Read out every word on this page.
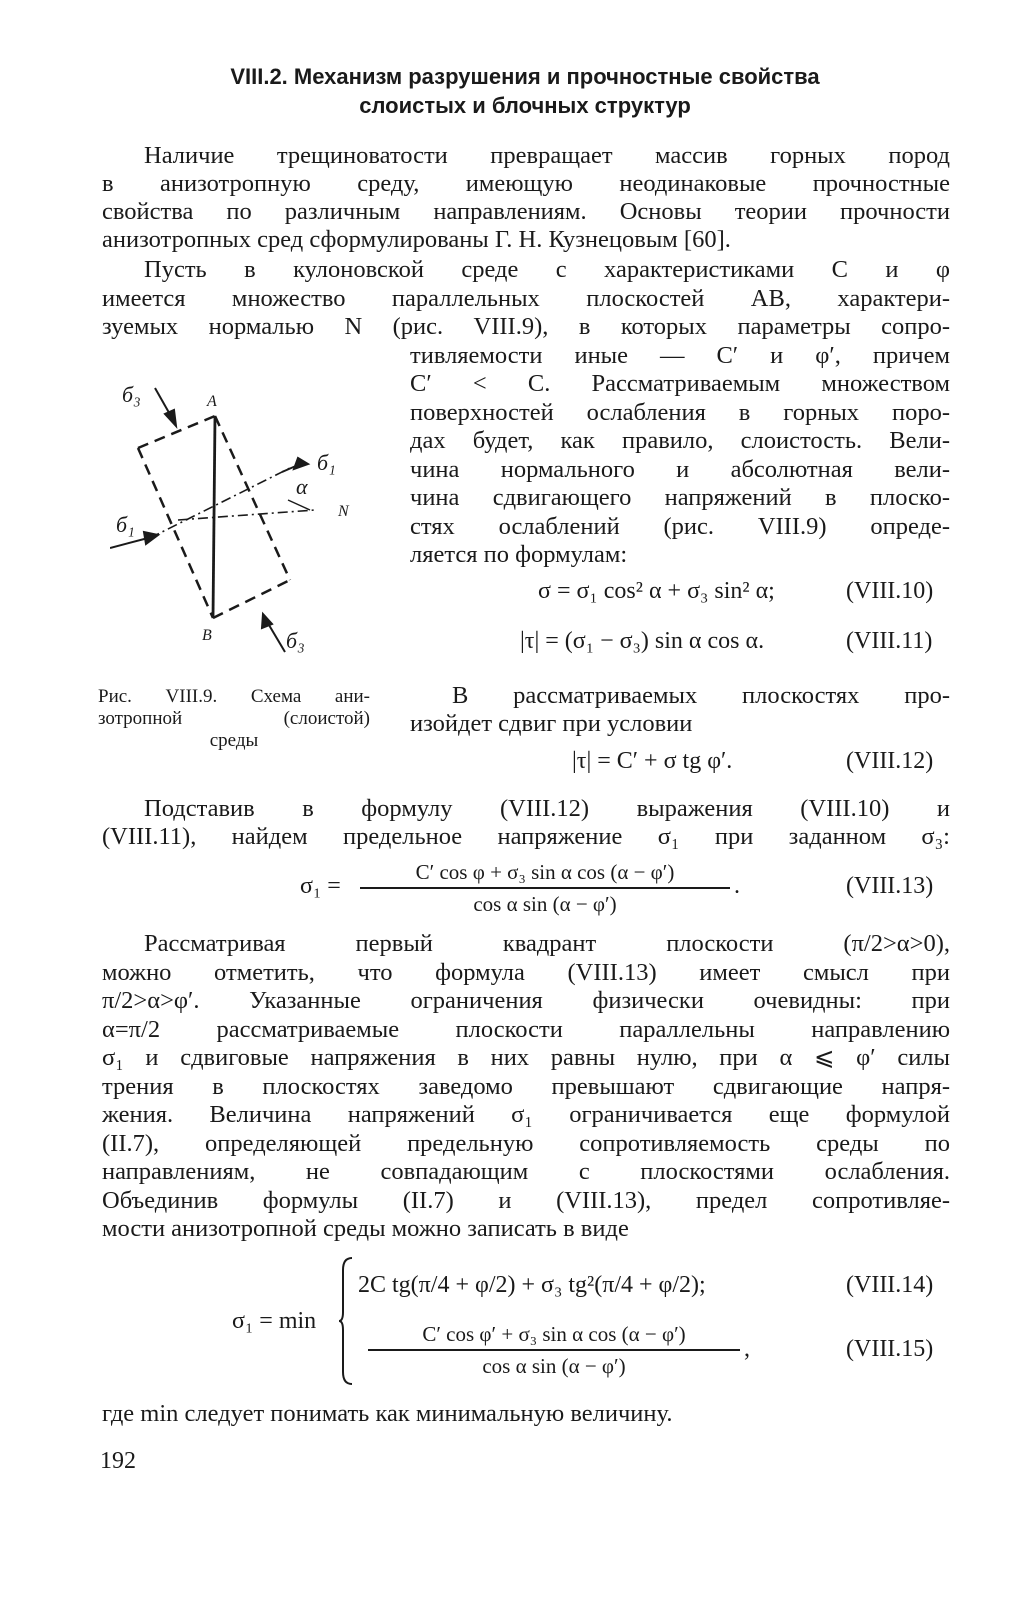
VIII.2. Механизм разрушения и прочностные свойства
слоистых и блочных структур
Наличие трещиноватости превращает массив горных пород
в анизотропную среду, имеющую неодинаковые прочностные
свойства по различным направлениям. Основы теории прочности
анизотропных сред сформулированы Г. Н. Кузнецовым [60].
Пусть в кулоновской среде с характеристиками C и φ
имеется множество параллельных плоскостей AB, характери-
зуемых нормалью N (рис. VIII.9), в которых параметры сопро-
тивляемости иные — C′ и φ′, причем
C′ < C. Рассматриваемым множеством
поверхностей ослабления в горных поро-
дах будет, как правило, слоистость. Вели-
чина нормального и абсолютная вели-
чина сдвигающего напряжений в плоско-
стях ослаблений (рис. VIII.9) опреде-
ляется по формулам:
б₃	A
б₁
α
N
б₁
B	б₃
Рис. VIII.9. Схема ани-
зотропной (слоистой)
среды
σ = σ₁ cos² α + σ₃ sin² α;	(VIII.10)
|τ| = (σ₁ − σ₃) sin α cos α.	(VIII.11)
В рассматриваемых плоскостях про-
изойдет сдвиг при условии
|τ| = C′ + σ tg φ′.	(VIII.12)
Подставив в формулу (VIII.12) выражения (VIII.10) и
(VIII.11), найдем предельное напряжение σ₁ при заданном σ₃:
σ₁ =
C′ cos φ + σ₃ sin α cos (α − φ′)
cos α sin (α − φ′)
.	(VIII.13)
Рассматривая первый квадрант плоскости (π/2>α>0),
можно отметить, что формула (VIII.13) имеет смысл при
π/2>α>φ′. Указанные ограничения физически очевидны: при
α=π/2 рассматриваемые плоскости параллельны направлению
σ₁ и сдвиговые напряжения в них равны нулю, при α ⩽ φ′ силы
трения в плоскостях заведомо превышают сдвигающие напря-
жения. Величина напряжений σ₁ ограничивается еще формулой
(II.7), определяющей предельную сопротивляемость среды по
направлениям, не совпадающим с плоскостями ослабления.
Объединив формулы (II.7) и (VIII.13), предел сопротивляе-
мости анизотропной среды можно записать в виде
σ₁ = min
2C tg(π/4 + φ/2) + σ₃ tg²(π/4 + φ/2);	(VIII.14)
C′ cos φ′ + σ₃ sin α cos (α − φ′)
cos α sin (α − φ′)
,	(VIII.15)
где min следует понимать как минимальную величину.
192
